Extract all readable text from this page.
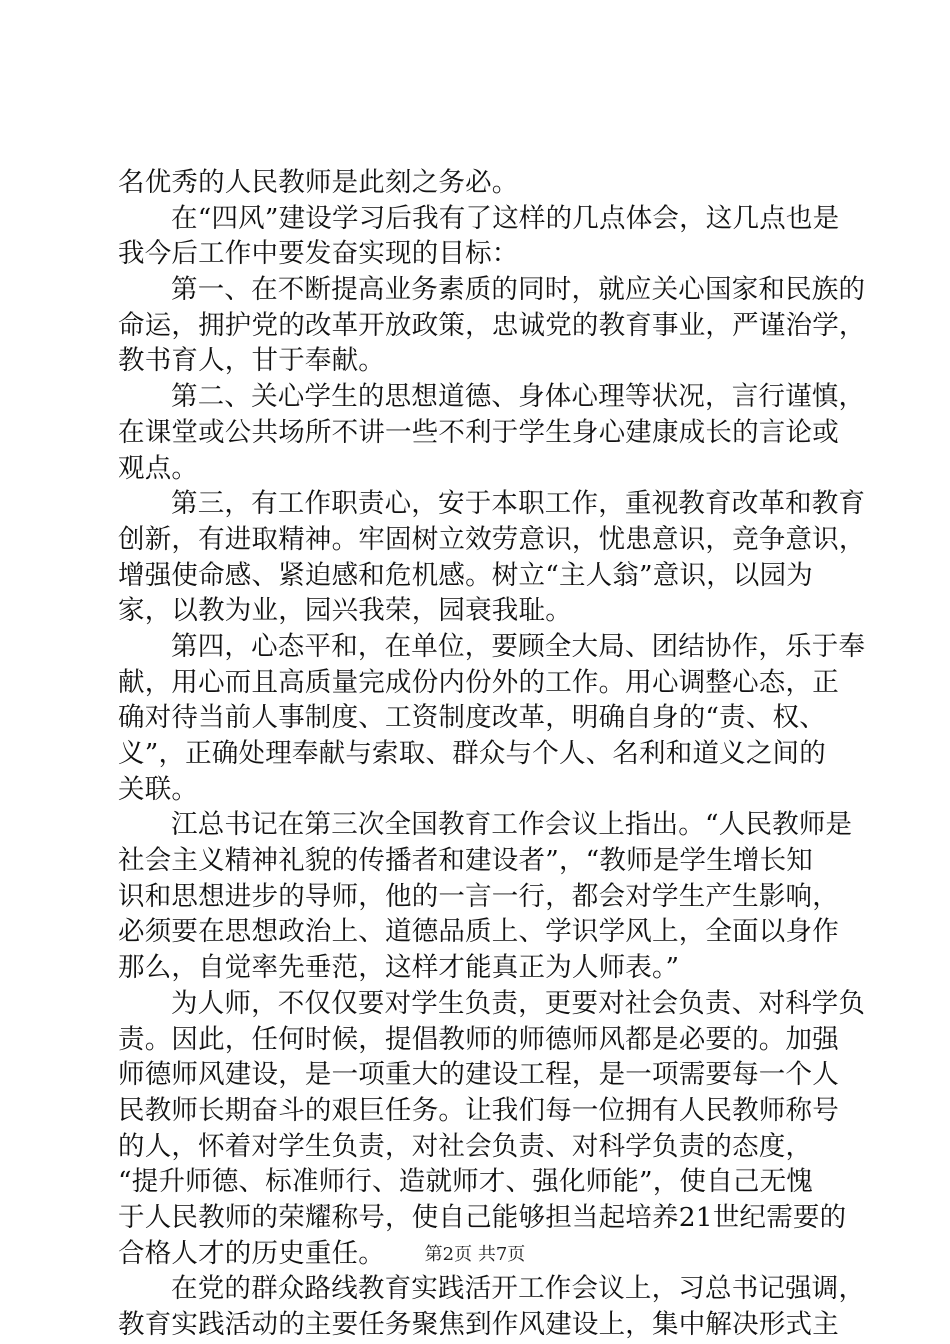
名优秀的人民教师是此刻之务必。
在“四风”建设学习后我有了这样的几点体会，这几点也是
我今后工作中要发奋实现的目标：
第一、在不断提高业务素质的同时，就应关心国家和民族的
命运，拥护党的改革开放政策，忠诚党的教育事业，严谨治学，
教书育人，甘于奉献。
第二、关心学生的思想道德、身体心理等状况，言行谨慎，
在课堂或公共场所不讲一些不利于学生身心建康成长的言论或
观点。
第三，有工作职责心，安于本职工作，重视教育改革和教育
创新，有进取精神。牢固树立效劳意识，忧患意识，竞争意识，
增强使命感、紧迫感和危机感。树立“主人翁”意识，以园为
家，以教为业，园兴我荣，园衰我耻。
第四，心态平和，在单位，要顾全大局、团结协作，乐于奉
献，用心而且高质量完成份内份外的工作。用心调整心态，正
确对待当前人事制度、工资制度改革，明确自身的“责、权、
义”，正确处理奉献与索取、群众与个人、名利和道义之间的
关联。
江总书记在第三次全国教育工作会议上指出。“人民教师是
社会主义精神礼貌的传播者和建设者”，“教师是学生增长知
识和思想进步的导师，他的一言一行，都会对学生产生影响，
必须要在思想政治上、道德品质上、学识学风上，全面以身作
那么，自觉率先垂范，这样才能真正为人师表。”
为人师，不仅仅要对学生负责，更要对社会负责、对科学负
责。因此，任何时候，提倡教师的师德师风都是必要的。加强
师德师风建设，是一项重大的建设工程，是一项需要每一个人
民教师长期奋斗的艰巨任务。让我们每一位拥有人民教师称号
的人，怀着对学生负责，对社会负责、对科学负责的态度，
“提升师德、标准师行、造就师才、强化师能”，使自己无愧
于人民教师的荣耀称号，使自己能够担当起培养21世纪需要的
合格人才的历史重任。
在党的群众路线教育实践活开工作会议上，习总书记强调，
教育实践活动的主要任务聚焦到作风建设上，集中解决形式主
第2页 共7页
